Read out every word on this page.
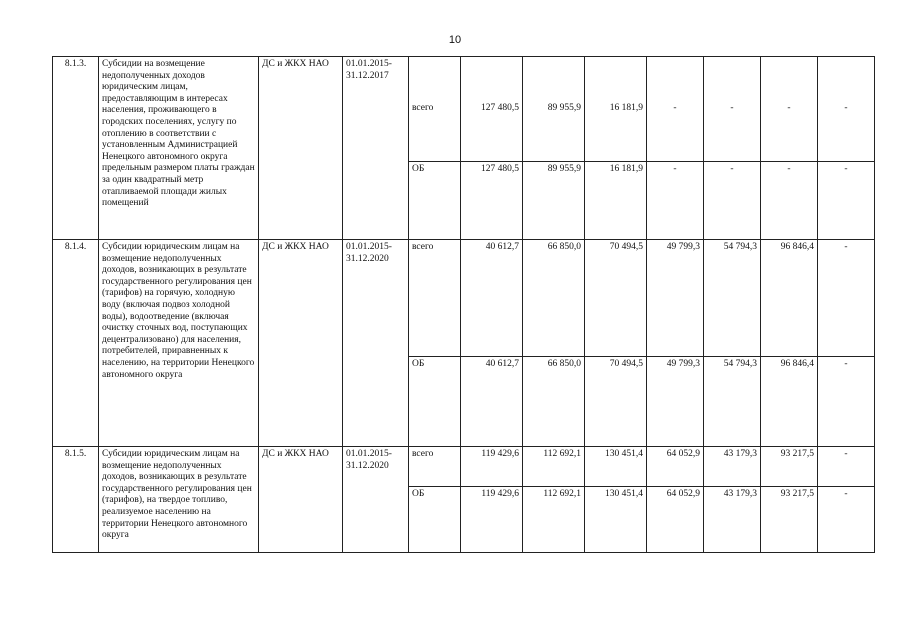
10
8.1.3.	Субсидии на возмещение недополученных доходов юридическим лицам, предоставляющим в интересах населения, проживающего в городских поселениях, услугу по отоплению в соответствии с установленным Администрацией Ненецкого автономного округа предельным размером платы граждан за один квадратный метр отапливаемой площади жилых помещений	ДС и ЖКХ НАО	01.01.2015-31.12.2017	всего	127 480,5	89 955,9	16 181,9	-	-	-	-
				ОБ	127 480,5	89 955,9	16 181,9	-	-	-	-
8.1.4.	Субсидии юридическим лицам на возмещение недополученных доходов, возникающих в результате государственного регулирования цен (тарифов) на горячую, холодную воду (включая подвоз холодной воды), водоотведение (включая очистку сточных вод, поступающих децентрализовано) для населения, потребителей, приравненных к населению, на территории Ненецкого автономного округа	ДС и ЖКХ НАО	01.01.2015-31.12.2020	всего	40 612,7	66 850,0	70 494,5	49 799,3	54 794,3	96 846,4	-
				ОБ	40 612,7	66 850,0	70 494,5	49 799,3	54 794,3	96 846,4	-
8.1.5.	Субсидии юридическим лицам на возмещение недополученных доходов, возникающих в результате государственного регулирования цен (тарифов), на твердое топливо, реализуемое населению на территории Ненецкого автономного округа	ДС и ЖКХ НАО	01.01.2015-31.12.2020	всего	119 429,6	112 692,1	130 451,4	64 052,9	43 179,3	93 217,5	-
				ОБ	119 429,6	112 692,1	130 451,4	64 052,9	43 179,3	93 217,5	-
